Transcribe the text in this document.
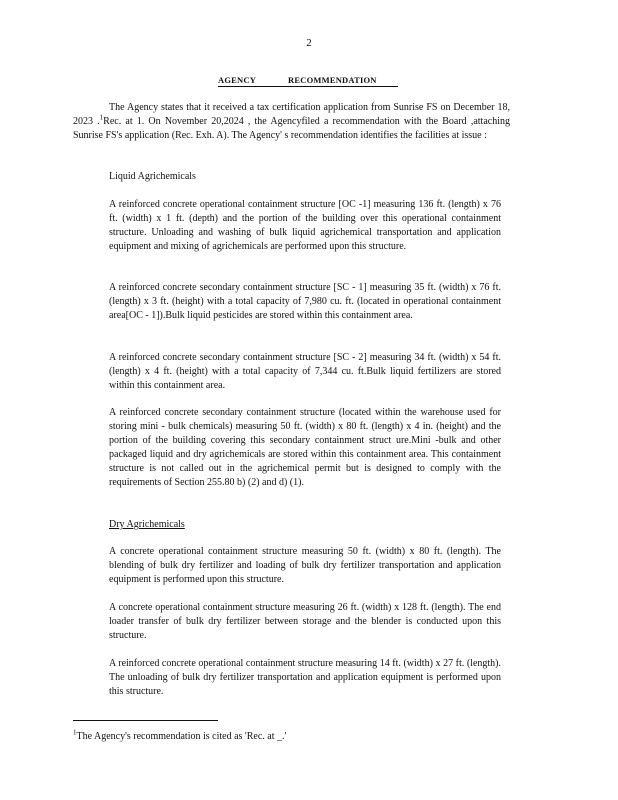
2
AGENCY	RECOMMENDATION
The Agency states that it received a tax certification application from Sunrise FS on December 18, 2023 .$^1$Rec. at 1. On November 20,2024 , the Agencyfiled a recommendation with the Board ,attaching Sunrise FS's application (Rec. Exh. A). The Agency' s recommendation identifies the facilities at issue :
Liquid Agrichemicals
A reinforced concrete operational containment structure [OC -1] measuring 136 ft. (length) x 76 ft. (width) x 1 ft. (depth) and the portion of the building over this operational containment structure. Unloading and washing of bulk liquid agrichemical transportation and application equipment and mixing of agrichemicals are performed upon this structure.
A reinforced concrete secondary containment structure [SC - 1] measuring 35 ft. (width) x 76 ft. (length) x 3 ft. (height) with a total capacity of 7,980 cu. ft. (located in operational containment area[OC - 1]).Bulk liquid pesticides are stored within this containment area.
A reinforced concrete secondary containment structure [SC - 2] measuring 34 ft. (width) x 54 ft. (length) x 4 ft. (height) with a total capacity of 7,344 cu. ft.Bulk liquid fertilizers are stored within this containment area.
A reinforced concrete secondary containment structure (located within the warehouse used for storing mini - bulk chemicals) measuring 50 ft. (width) x 80 ft. (length) x 4 in. (height) and the portion of the building covering this secondary containment struct ure.Mini -bulk and other packaged liquid and dry agrichemicals are stored within this containment area. This containment structure is not called out in the agrichemical permit but is designed to comply with the requirements of Section 255.80 b) (2) and d) (1).
Dry Agrichemicals
A concrete operational containment structure measuring 50 ft. (width) x 80 ft. (length). The blending of bulk dry fertilizer and loading of bulk dry fertilizer transportation and application equipment is performed upon this structure.
A concrete operational containment structure measuring 26 ft. (width) x 128 ft. (length). The end loader transfer of bulk dry fertilizer between storage and the blender is conducted upon this structure.
A reinforced concrete operational containment structure measuring 14 ft. (width) x 27 ft. (length). The unloading of bulk dry fertilizer transportation and application equipment is performed upon this structure.
$^1$The Agency's recommendation is cited as 'Rec. at _.'
